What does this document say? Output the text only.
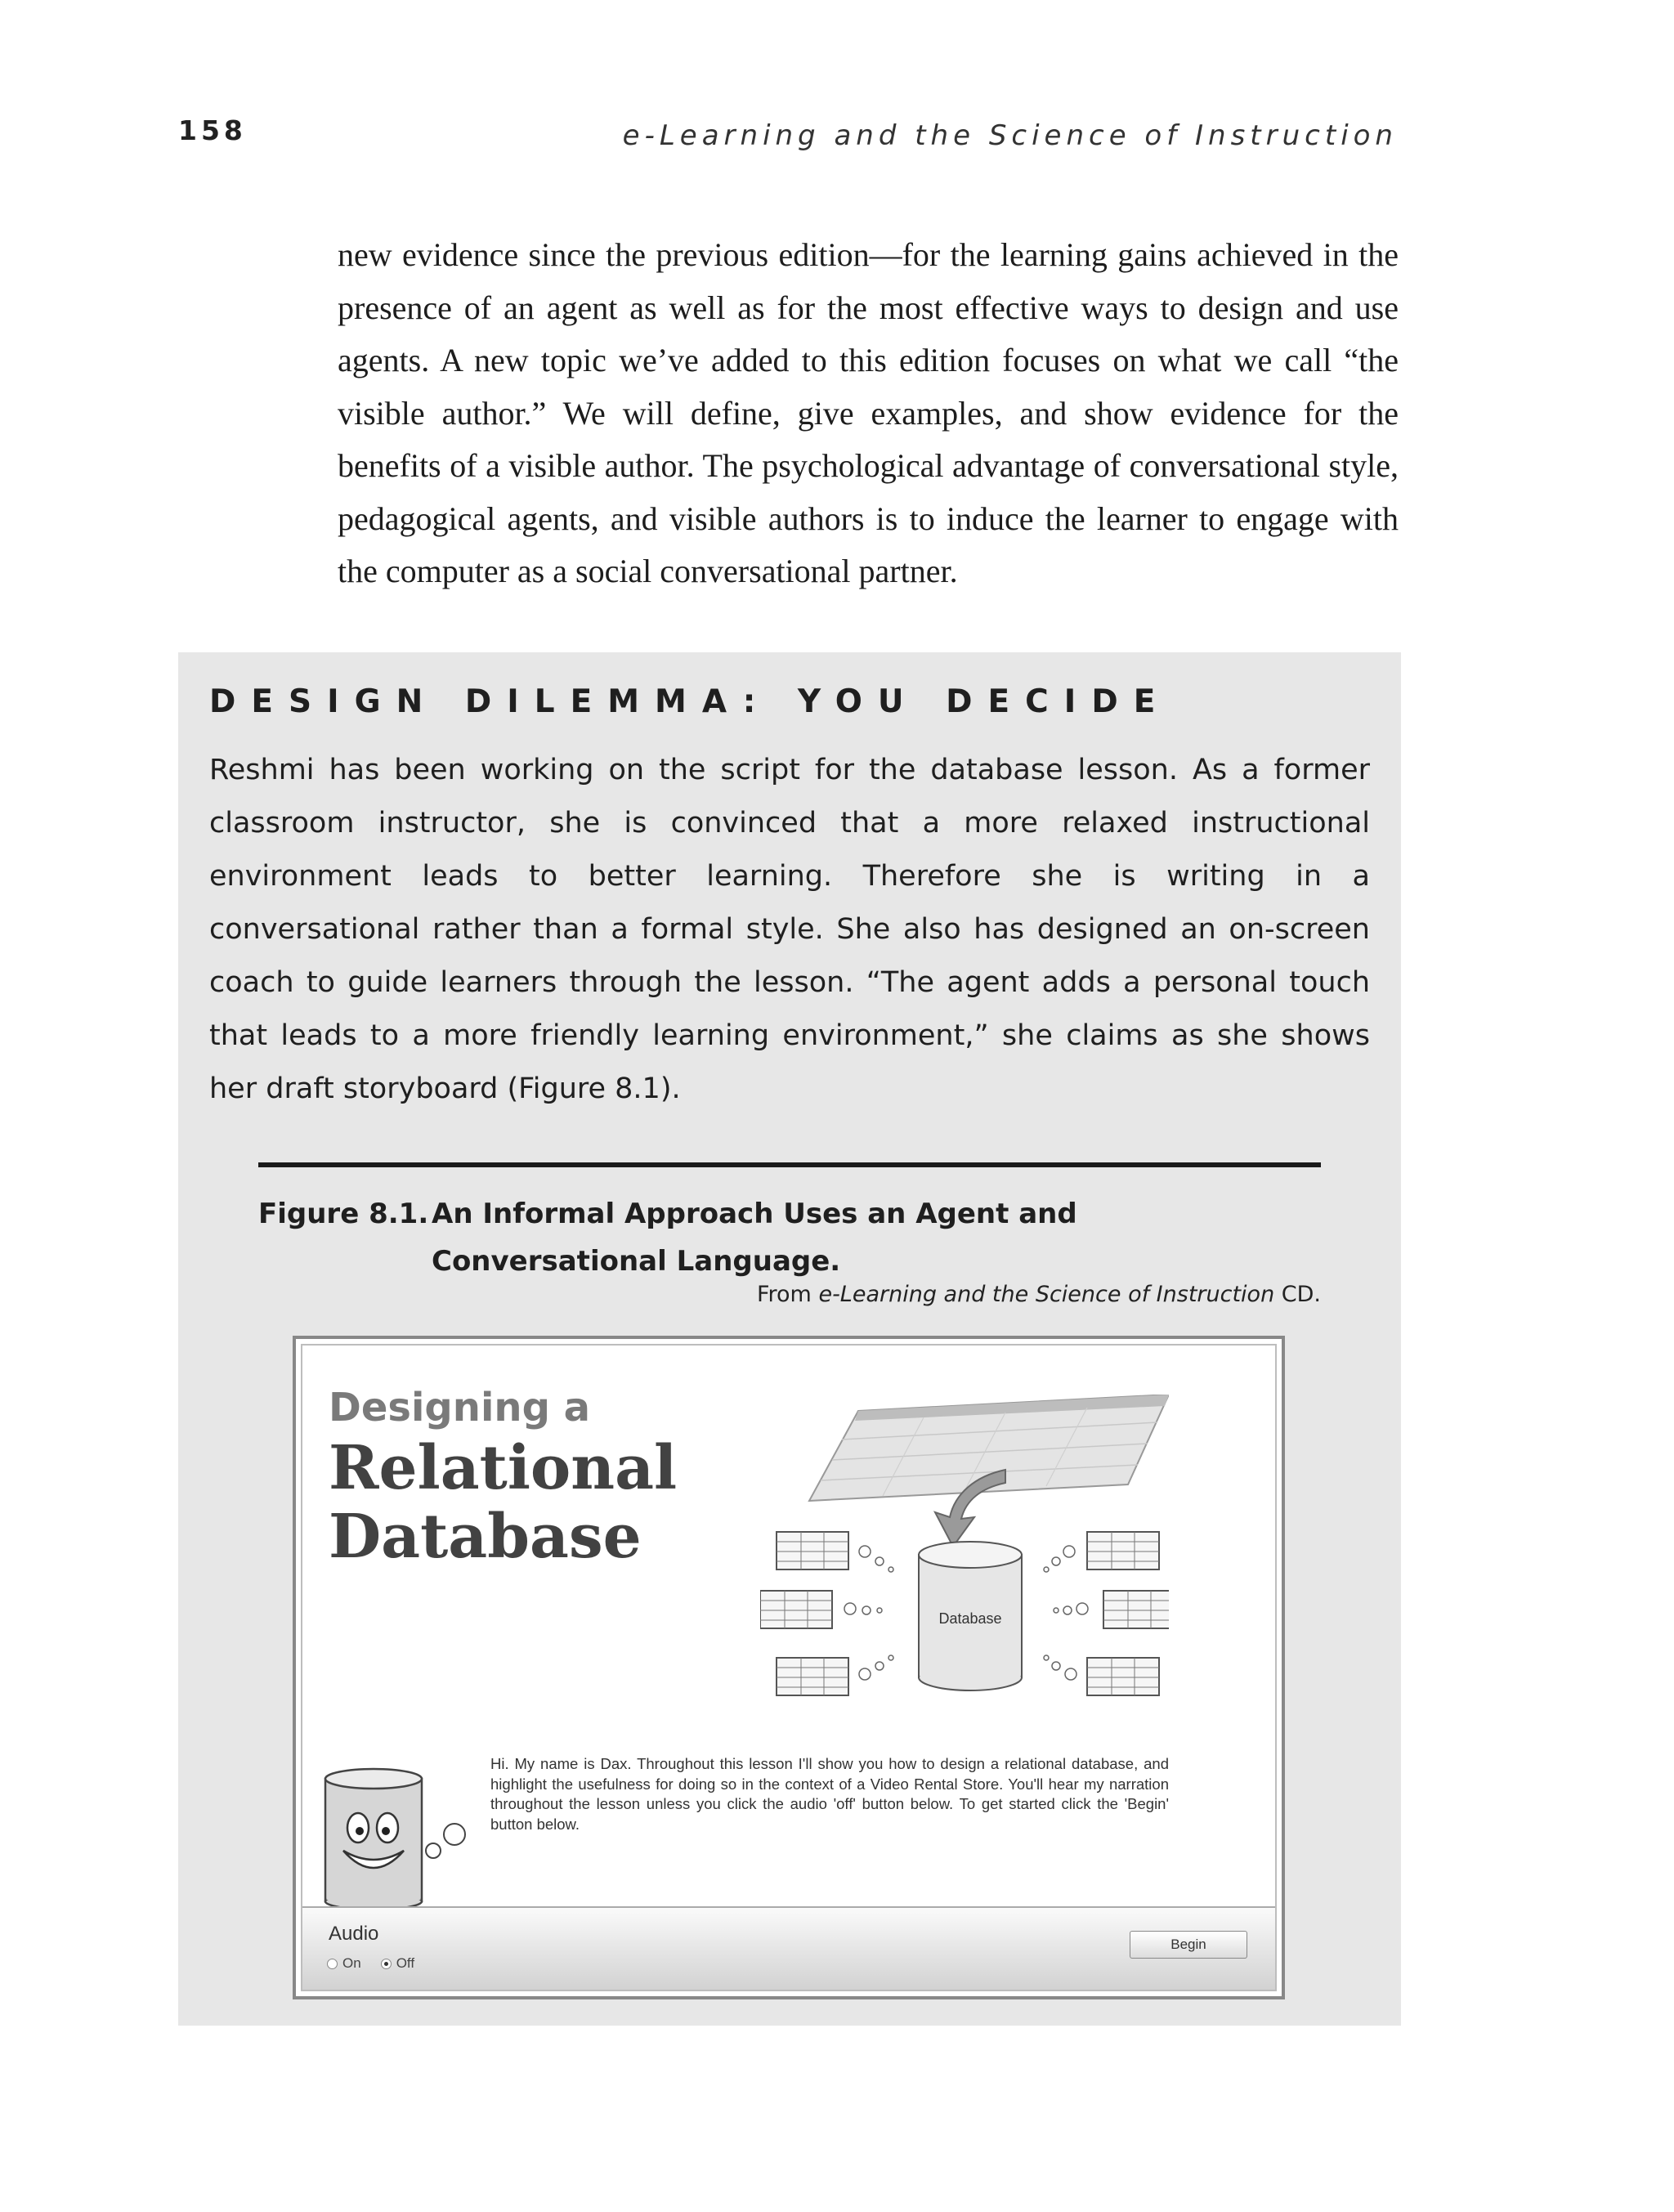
158	e-Learning and the Science of Instruction

new evidence since the previous edition—for the learning gains achieved in the presence of an agent as well as for the most effective ways to design and use agents. A new topic we’ve added to this edition focuses on what we call “the visible author.” We will define, give examples, and show evidence for the benefits of a visible author. The psychological advantage of conversational style, pedagogical agents, and visible authors is to induce the learner to engage with the computer as a social conversational partner.

DESIGN DILEMMA: YOU DECIDE

Reshmi has been working on the script for the database lesson. As a former classroom instructor, she is convinced that a more relaxed instructional environment leads to better learning. Therefore she is writing in a conversational rather than a formal style. She also has designed an on-screen coach to guide learners through the lesson. “The agent adds a personal touch that leads to a more friendly learning environment,” she claims as she shows her draft storyboard (Figure 8.1).

Figure 8.1. An Informal Approach Uses an Agent and Conversational Language.
From e-Learning and the Science of Instruction CD.
Designing a
Relational
Database
Database

Hi. My name is Dax. Throughout this lesson I'll show you how to design a relational database, and highlight the usefulness for doing so in the context of a Video Rental Store. You'll hear my narration throughout the lesson unless you click the audio 'off' button below. To get started click the 'Begin' button below.

Audio
On	Off
Begin
